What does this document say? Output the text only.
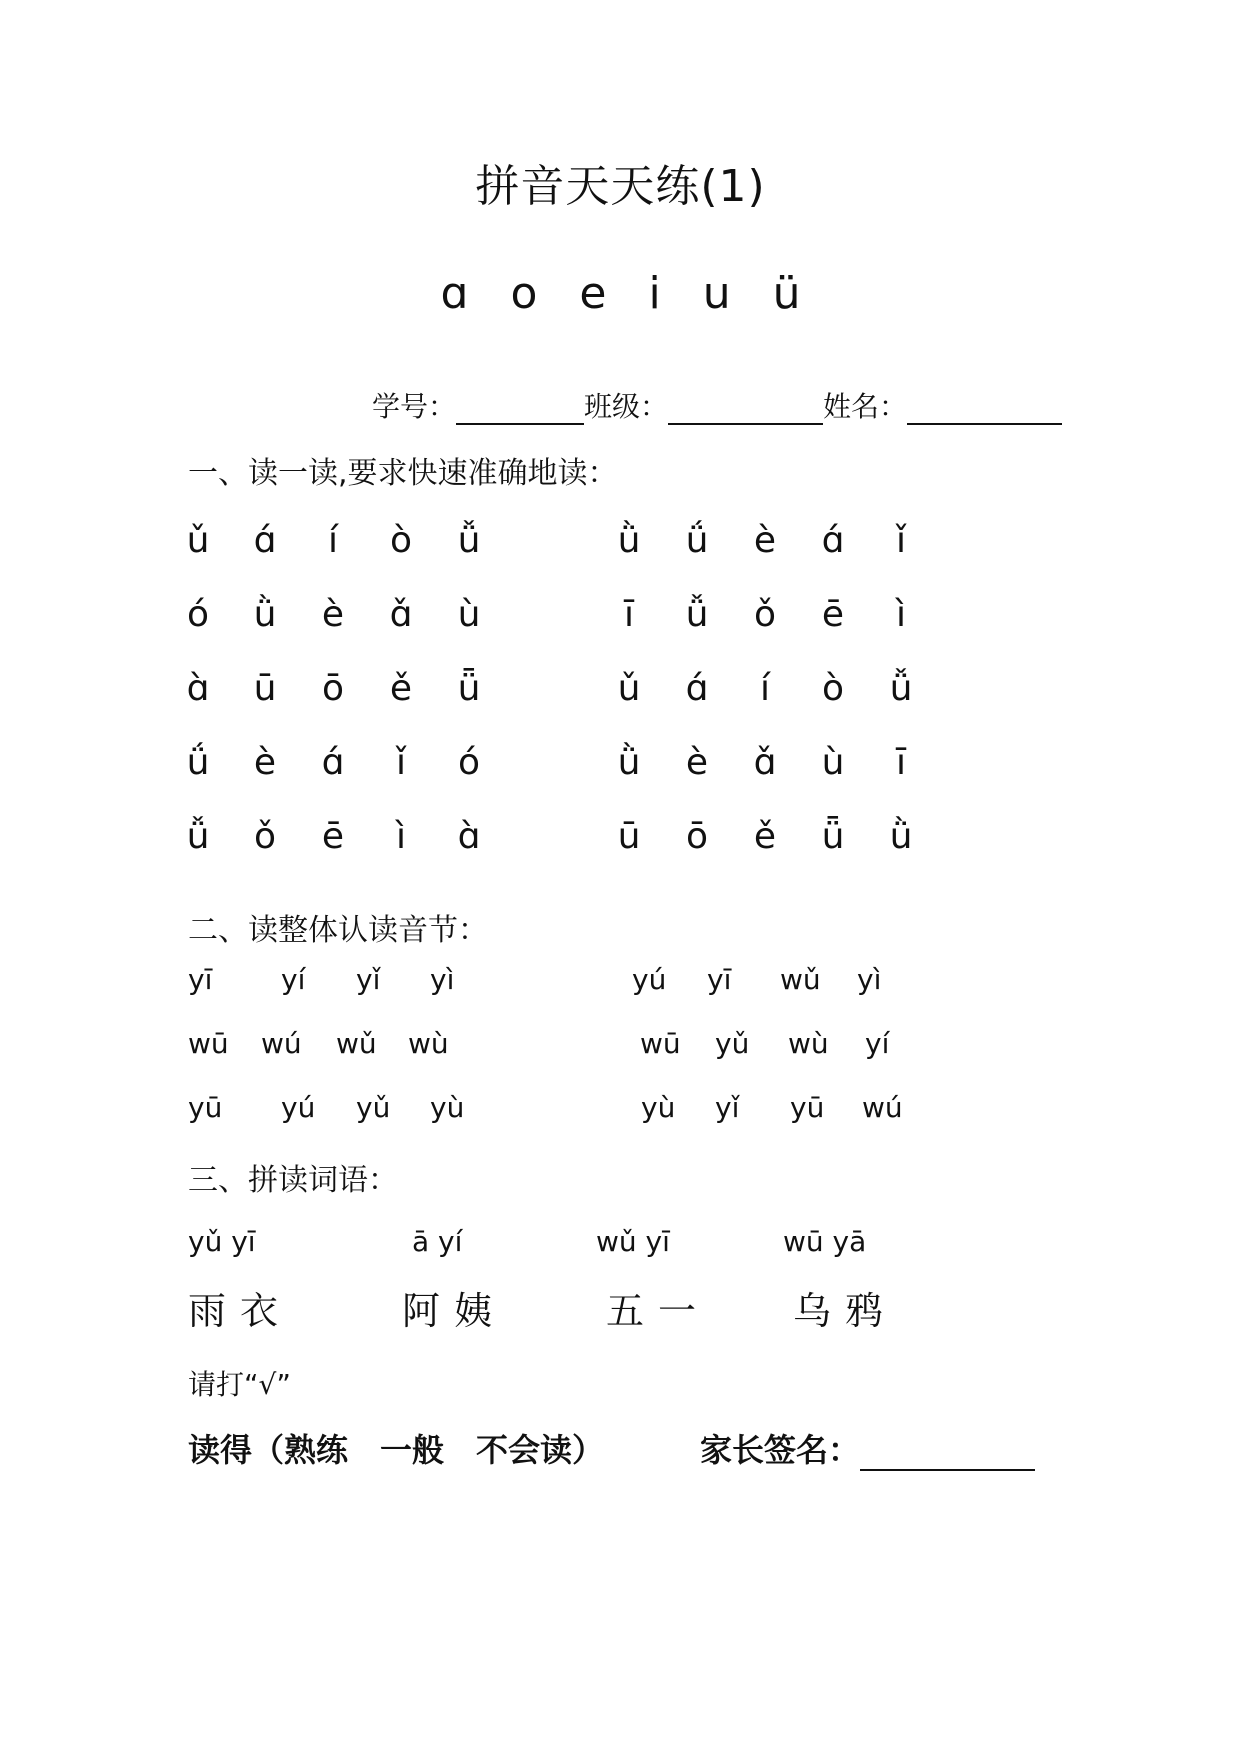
拼音天天练(1)
ɑ o e i u ü
学号：	班级：	姓名：
一、读一读,要求快速准确地读：
ǔ	ɑ́	í	ò	ǚ	ǜ	ǘ	è	ɑ́	ǐ
ó	ǜ	è	ɑ̌	ù	ī	ǚ	ǒ	ē	ì
ɑ̀	ū	ō	ě	ǖ	ǔ	ɑ́	í	ò	ǚ
ǘ	è	ɑ́	ǐ	ó	ǜ	è	ɑ̌	ù	ī
ǚ	ǒ	ē	ì	ɑ̀	ū	ō	ě	ǖ	ǜ
二、读整体认读音节：
yī yí yǐ yì	yú yī wǔ yì
wū wú wǔ wù	wū yǔ wù yí
yū yú yǔ yù	yù yǐ yū wú
三、拼读词语：
yǔ yī
雨衣
ā yí
阿姨
wǔ yī
五一
wū yā
乌鸦
请打“√”
读得（熟练　一般　不会读）	家长签名：
